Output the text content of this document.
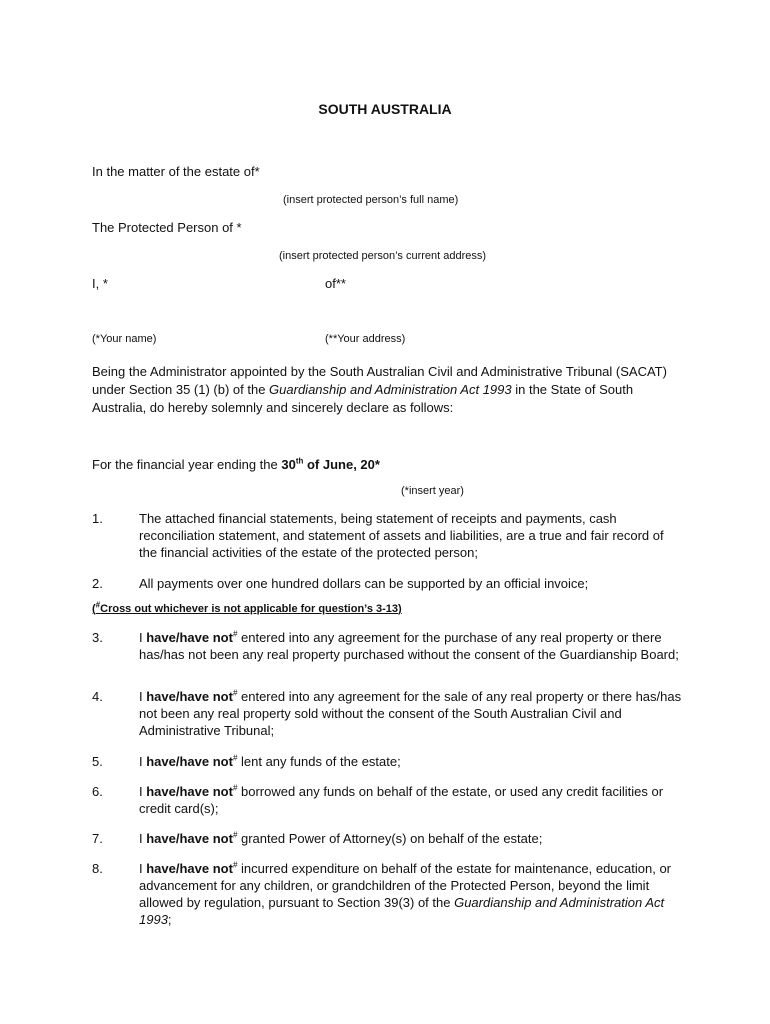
SOUTH AUSTRALIA
In the matter of the estate of*
(insert protected person’s full name)
The Protected Person of *
(insert protected person’s current address)
I, *	of**
(*Your name)	(**Your address)

Being the Administrator appointed by the South Australian Civil and Administrative Tribunal (SACAT) under Section 35 (1) (b) of the Guardianship and Administration Act 1993 in the State of South Australia, do hereby solemnly and sincerely declare as follows:

For the financial year ending the 30th of June, 20*
(*insert year)
1.	The attached financial statements, being statement of receipts and payments, cash reconciliation statement, and statement of assets and liabilities, are a true and fair record of the financial activities of the estate of the protected person;
2.	All payments over one hundred dollars can be supported by an official invoice;
(#Cross out whichever is not applicable for question’s 3-13)
3.	I have/have not# entered into any agreement for the purchase of any real property or there has/has not been any real property purchased without the consent of the Guardianship Board;
4.	I have/have not# entered into any agreement for the sale of any real property or there has/has not been any real property sold without the consent of the South Australian Civil and Administrative Tribunal;
5.	I have/have not# lent any funds of the estate;
6.	I have/have not# borrowed any funds on behalf of the estate, or used any credit facilities or credit card(s);
7.	I have/have not# granted Power of Attorney(s) on behalf of the estate;
8.	I have/have not# incurred expenditure on behalf of the estate for maintenance, education, or advancement for any children, or grandchildren of the Protected Person, beyond the limit allowed by regulation, pursuant to Section 39(3) of the Guardianship and Administration Act 1993;
